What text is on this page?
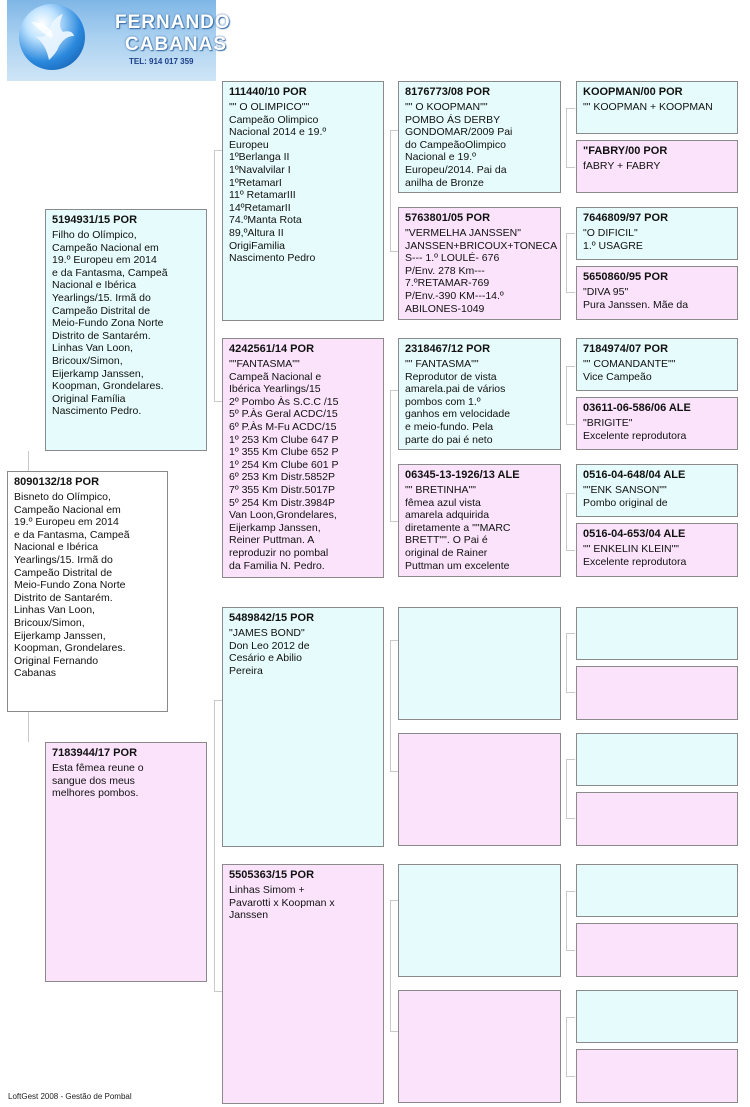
FERNANDO
CABANAS
TEL: 914 017 359
8090132/18 POR
Bisneto do Olímpico,
Campeão Nacional em
19.º Europeu em 2014
e da Fantasma, Campeã
Nacional e Ibérica
Yearlings/15. Irmã do
Campeão Distrital de
Meio-Fundo Zona Norte
Distrito de Santarém.
Linhas Van Loon,
Bricoux/Simon,
Eijerkamp Janssen,
Koopman, Grondelares.
Original Fernando
Cabanas
5194931/15 POR
Filho do Olímpico,
Campeão Nacional em
19.º Europeu em 2014
e da Fantasma, Campeã
Nacional e Ibérica
Yearlings/15. Irmã do
Campeão Distrital de
Meio-Fundo Zona Norte
Distrito de Santarém.
Linhas Van Loon,
Bricoux/Simon,
Eijerkamp Janssen,
Koopman, Grondelares.
Original Família
Nascimento Pedro.
7183944/17 POR
Esta fêmea reune o
sangue dos meus
melhores pombos.
111440/10 POR
"" O OLIMPICO""
Campeão Olimpico
Nacional 2014 e 19.º
Europeu
1ºBerlanga II
1ºNavalvilar I
1ºRetamarI
11º RetamarIII
14ºRetamarII
74.ºManta Rota
89,ºAltura II
OrigiFamilia
Nascimento Pedro
4242561/14 POR
""FANTASMA""
Campeã Nacional e
Ibérica Yearlings/15
2º Pombo Às S.C.C /15
5º P.Às Geral ACDC/15
6º P.Às M-Fu ACDC/15
1º 253 Km Clube 647 P
1º 355 Km Clube 652 P
1º 254 Km Clube 601 P
6º 253 Km Distr.5852P
7º 355 Km Distr.5017P
5º 254 Km Distr.3984P
Van Loon,Grondelares,
Eijerkamp Janssen,
Reiner Puttman. A
reproduzir no pombal
da Familia N. Pedro.
5489842/15 POR
"JAMES BOND"
Don Leo 2012 de
Cesário e Abilio
Pereira
5505363/15 POR
Linhas Simom +
Pavarotti x Koopman x
Janssen
8176773/08 POR
"" O KOOPMAN""
POMBO ÁS DERBY
GONDOMAR/2009 Pai
do CampeãoOlimpico
Nacional e 19.º
Europeu/2014. Pai da
anilha de Bronze
5763801/05 POR
"VERMELHA JANSSEN"
JANSSEN+BRICOUX+TONECA
S--- 1.º LOULÉ- 676
P/Env. 278 Km---
7.ºRETAMAR-769
P/Env.-390 KM---14.º
ABILONES-1049
2318467/12 POR
"" FANTASMA""
Reprodutor de vista
amarela.pai de vários
pombos com 1.º
ganhos em velocidade
e meio-fundo. Pela
parte do pai é neto
06345-13-1926/13 ALE
"" BRETINHA""
fêmea azul vista
amarela adquirida
diretamente a ""MARC
BRETT"". O Pai é
original de Rainer
Puttman um excelente
KOOPMAN/00 POR
"" KOOPMAN + KOOPMAN
"FABRY/00 POR
fABRY + FABRY
7646809/97 POR
"O DIFICIL"
1.º USAGRE
5650860/95 POR
"DIVA 95"
Pura Janssen. Mãe da
7184974/07 POR
"" COMANDANTE""
Vice Campeão
03611-06-586/06 ALE
"BRIGITE"
Excelente reprodutora
0516-04-648/04 ALE
""ENK SANSON""
Pombo original de
0516-04-653/04 ALE
"" ENKELIN KLEIN""
Excelente reprodutora
LoftGest 2008 - Gestão de Pombal
